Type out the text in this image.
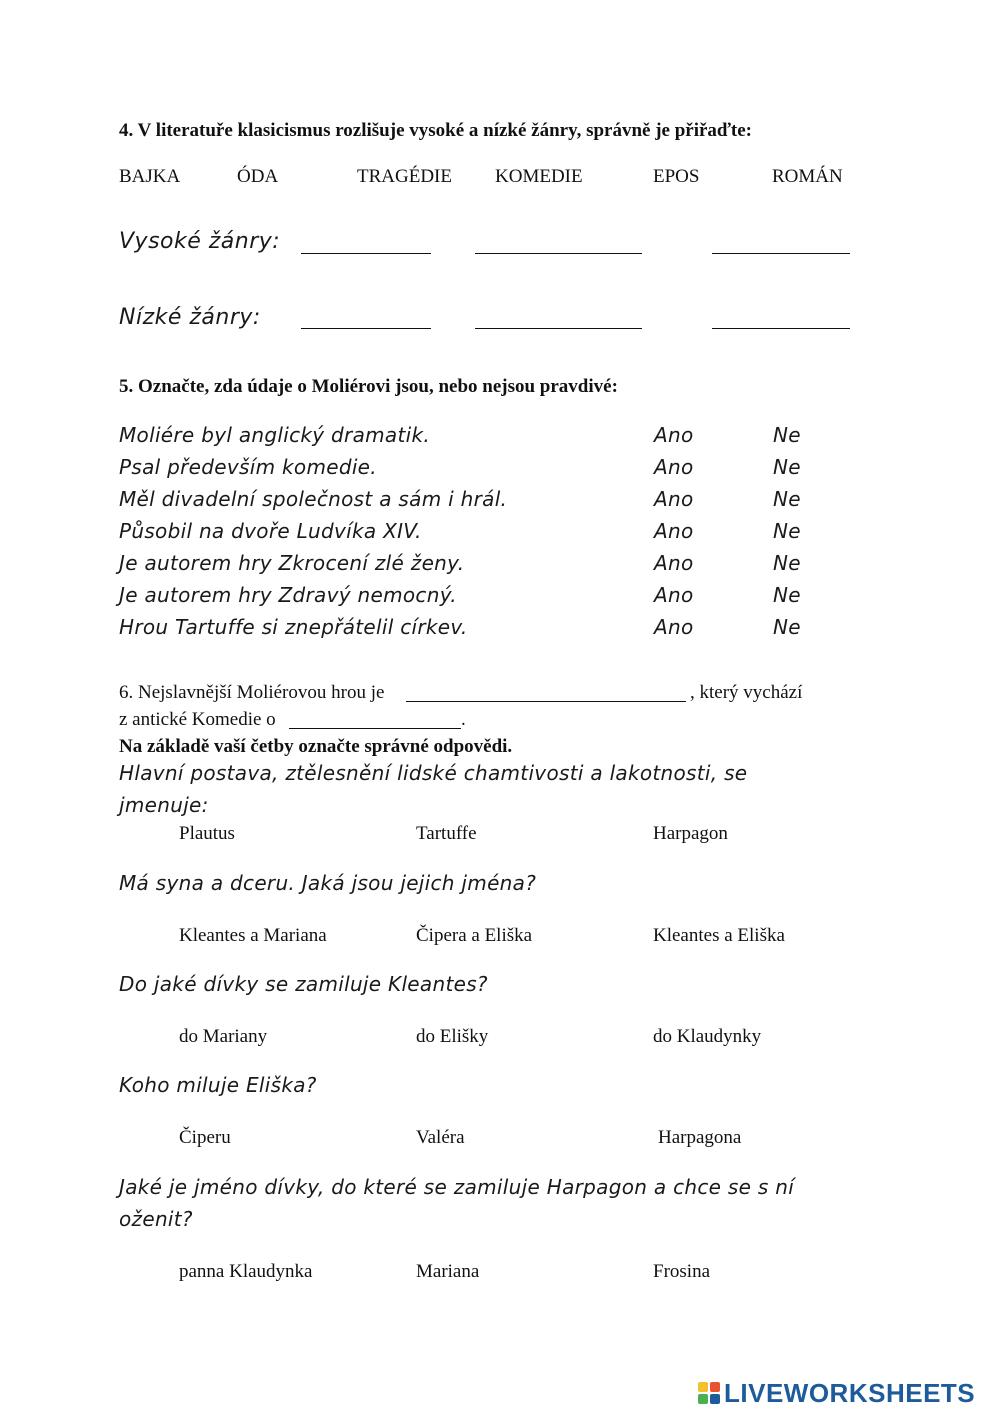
4. V literatuře klasicismus rozlišuje vysoké a nízké žánry, správně je přiřaďte:
BAJKA	ÓDA	TRAGÉDIE KOMEDIE	EPOS	ROMÁN
Vysoké žánry:
Nízké žánry:
5. Označte, zda údaje o Moliérovi jsou, nebo nejsou pravdivé:
Moliére byl anglický dramatik.	Ano	Ne
Psal především komedie.	Ano	Ne
Měl divadelní společnost a sám i hrál.	Ano	Ne
Působil na dvoře Ludvíka XIV.	Ano	Ne
Je autorem hry Zkrocení zlé ženy.	Ano	Ne
Je autorem hry Zdravý nemocný.	Ano	Ne
Hrou Tartuffe si znepřátelil církev.	Ano	Ne
6. Nejslavnější Moliérovou hrou je	, který vychází
z antické Komedie o	.
Na základě vaší četby označte správné odpovědi.
Hlavní postava, ztělesnění lidské chamtivosti a lakotnosti, se
jmenuje:
Plautus	Tartuffe	Harpagon
Má syna a dceru. Jaká jsou jejich jména?
Kleantes a Mariana	Čipera a Eliška	Kleantes a Eliška
Do jaké dívky se zamiluje Kleantes?
do Mariany	do Elišky	do Klaudynky
Koho miluje Eliška?
Čiperu	Valéra	Harpagona
Jaké je jméno dívky, do které se zamiluje Harpagon a chce se s ní
oženit?
panna Klaudynka	Mariana	Frosina
LIVEWORKSHEETS
